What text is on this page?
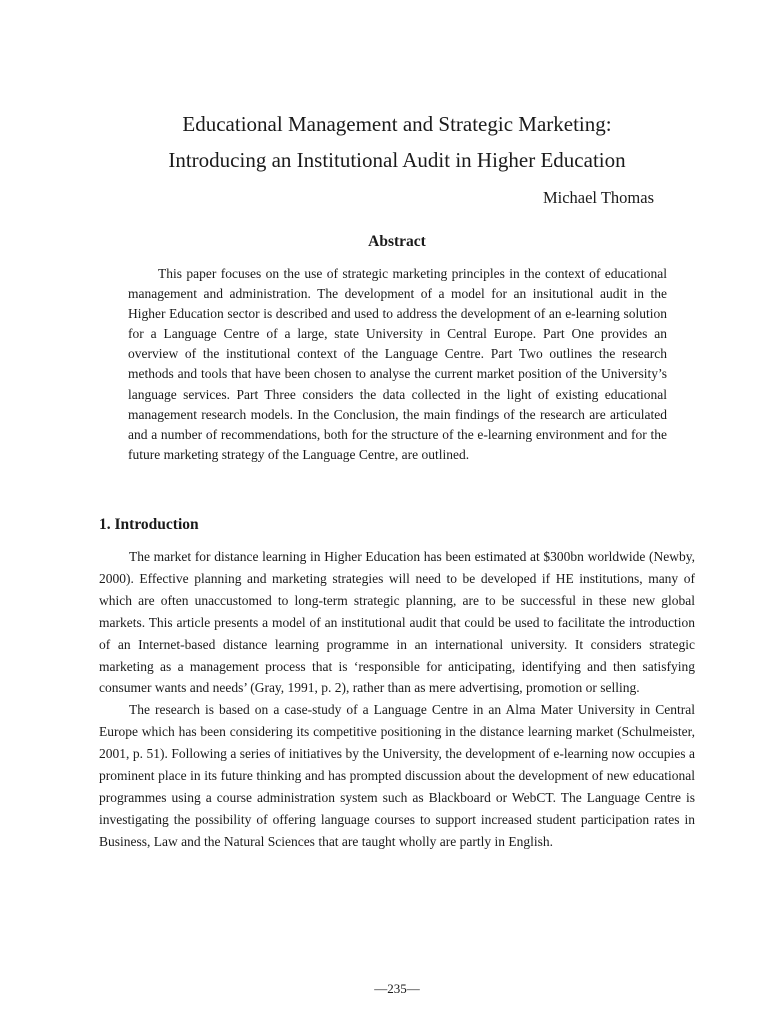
Educational Management and Strategic Marketing:
Introducing an Institutional Audit in Higher Education

Michael Thomas

Abstract

This paper focuses on the use of strategic marketing principles in the context of educational management and administration. The development of a model for an insitutional audit in the Higher Education sector is described and used to address the development of an e-learning solution for a Language Centre of a large, state University in Central Europe. Part One provides an overview of the institutional context of the Language Centre. Part Two outlines the research methods and tools that have been chosen to analyse the current market position of the University’s language services. Part Three considers the data collected in the light of existing educational management research models. In the Conclusion, the main findings of the research are articulated and a number of recommendations, both for the structure of the e-learning environment and for the future marketing strategy of the Language Centre, are outlined.

1. Introduction

The market for distance learning in Higher Education has been estimated at $300bn worldwide (Newby, 2000). Effective planning and marketing strategies will need to be developed if HE institutions, many of which are often unaccustomed to long-term strategic planning, are to be successful in these new global markets. This article presents a model of an institutional audit that could be used to facilitate the introduction of an Internet-based distance learning programme in an international university. It considers strategic marketing as a management process that is ‘responsible for anticipating, identifying and then satisfying consumer wants and needs’ (Gray, 1991, p. 2), rather than as mere advertising, promotion or selling.

The research is based on a case-study of a Language Centre in an Alma Mater University in Central Europe which has been considering its competitive positioning in the distance learning market (Schulmeister, 2001, p. 51). Following a series of initiatives by the University, the development of e-learning now occupies a prominent place in its future thinking and has prompted discussion about the development of new educational programmes using a course administration system such as Blackboard or WebCT. The Language Centre is investigating the possibility of offering language courses to support increased student participation rates in Business, Law and the Natural Sciences that are taught wholly are partly in English.

—235—
